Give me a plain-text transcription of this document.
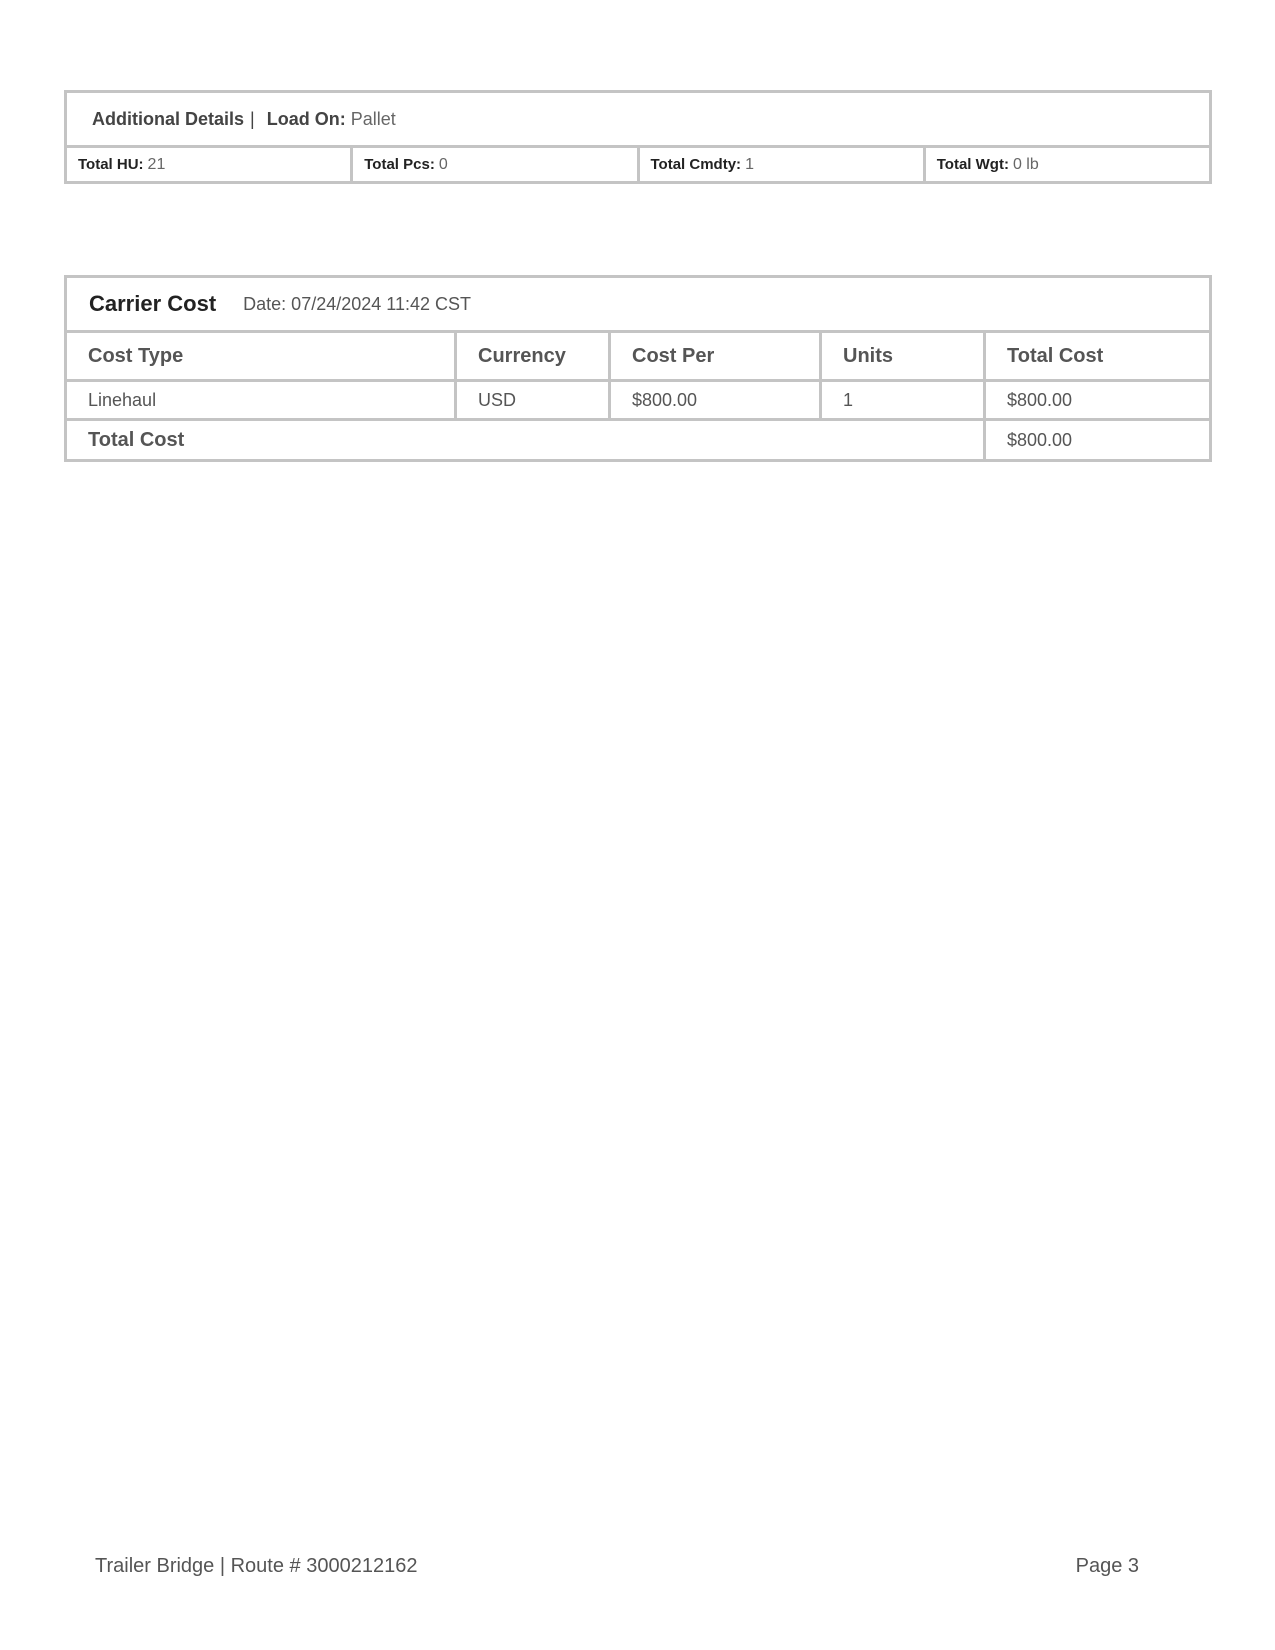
Additional Details | Load On: Pallet
Total HU: 21	Total Pcs: 0	Total Cmdty: 1	Total Wgt: 0 lb
Carrier Cost Date: 07/24/2024 11:42 CST
Cost Type	Currency	Cost Per	Units	Total Cost
Linehaul	USD	$800.00	1	$800.00
Total Cost	$800.00
Trailer Bridge | Route # 3000212162	Page 3
